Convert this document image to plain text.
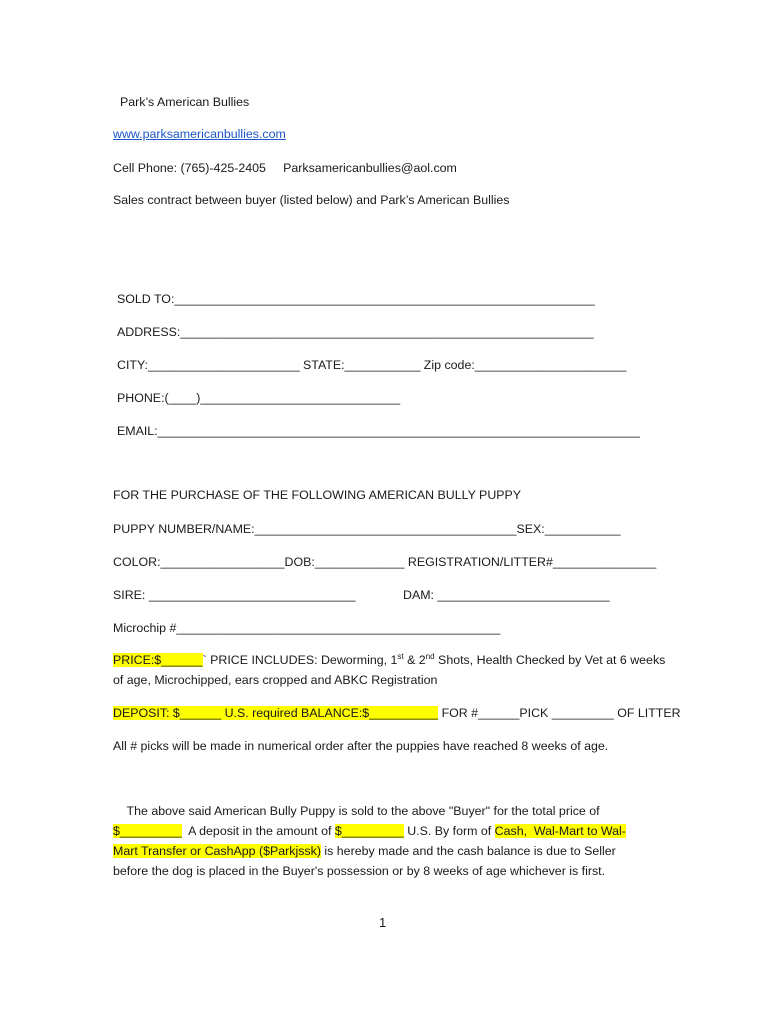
Park’s American Bullies
www.parksamericanbullies.com
Cell Phone: (765)-425-2405     Parksamericanbullies@aol.com
Sales contract between buyer (listed below) and Park’s American Bullies
SOLD TO:_____________________________________________________________
ADDRESS:____________________________________________________________
CITY:______________________ STATE:___________ Zip code:______________________
PHONE:(____)_____________________________
EMAIL:______________________________________________________________________
FOR THE PURCHASE OF THE FOLLOWING AMERICAN BULLY PUPPY
PUPPY NUMBER/NAME:______________________________________SEX:___________
COLOR:__________________DOB:_____________ REGISTRATION/LITTER#_______________
SIRE: ______________________________	DAM: _________________________
Microchip #_______________________________________________
PRICE:$______` PRICE INCLUDES: Deworming, 1st & 2nd Shots, Health Checked by Vet at 6 weeks
of age, Microchipped, ears cropped and ABKC Registration
DEPOSIT: $______ U.S. required BALANCE:$__________ FOR #______PICK _________ OF LITTER
All # picks will be made in numerical order after the puppies have reached 8 weeks of age.
The above said American Bully Puppy is sold to the above "Buyer" for the total price of
$_________  A deposit in the amount of $_________ U.S. By form of Cash,  Wal-Mart to Wal-
Mart Transfer or CashApp ($Parkjssk) is hereby made and the cash balance is due to Seller
before the dog is placed in the Buyer's possession or by 8 weeks of age whichever is first.
1
